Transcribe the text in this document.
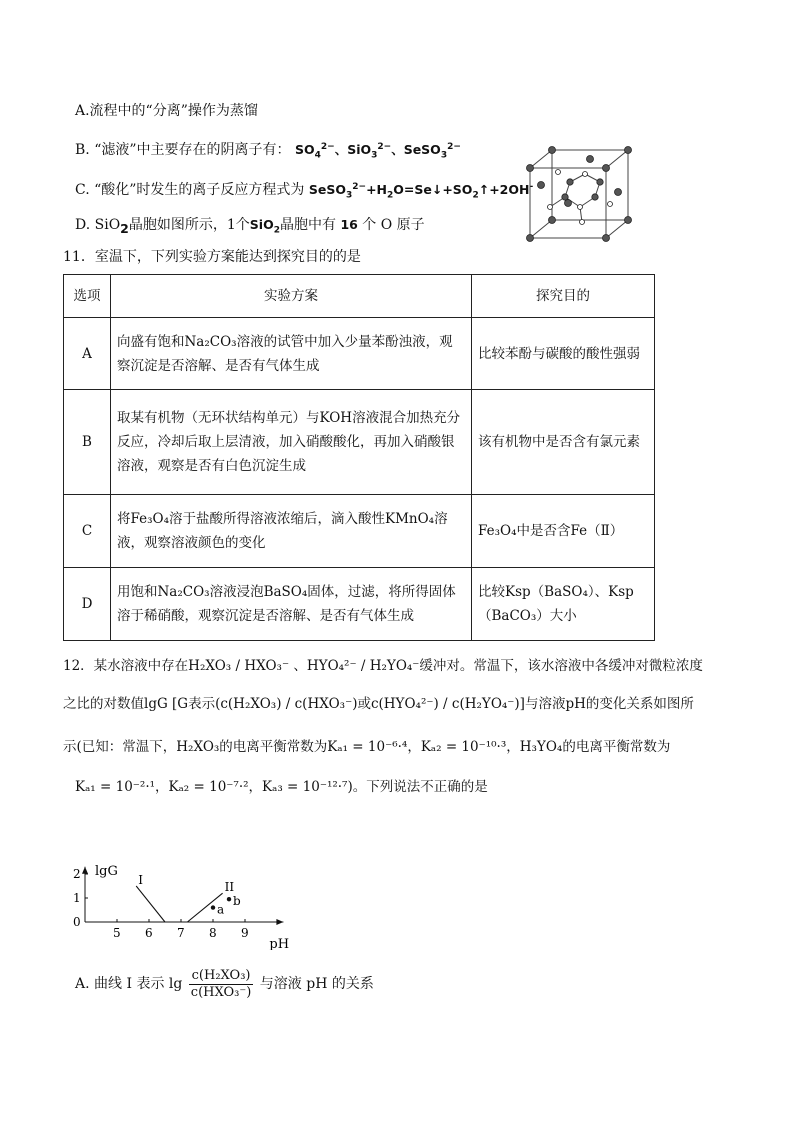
A.流程中的“分离”操作为蒸馏
B. “滤液”中主要存在的阴离子有： $SO_4^{2-}$、SiO$_3^{2-}$、SeSO$_3^{2-}$
C. “酸化”时发生的离子反应方程式为 $SeSO_3^{2-}+H_2O=Se↓+SO_2↑+2OH^-$
D. SiO$_2$晶胞如图所示，1个SiO$_2$晶胞中有 16 个 O 原子
11．室温下，下列实验方案能达到探究目的的是
选项	实验方案	探究目的
A	向盛有饱和Na₂CO₃溶液的试管中加入少量苯酚浊液，观察沉淀是否溶解、是否有气体生成	比较苯酚与碳酸的酸性强弱
B	取某有机物（无环状结构单元）与KOH溶液混合加热充分反应，冷却后取上层清液，加入硝酸酸化，再加入硝酸银溶液，观察是否有白色沉淀生成	该有机物中是否含有氯元素
C	将Fe₃O₄溶于盐酸所得溶液浓缩后，滴入酸性KMnO₄溶液，观察溶液颜色的变化	Fe₃O₄中是否含Fe（Ⅱ）
D	用饱和Na₂CO₃溶液浸泡BaSO₄固体，过滤，将所得固体溶于稀硝酸，观察沉淀是否溶解、是否有气体生成	比较Ksp（BaSO₄）、Ksp（BaCO₃）大小
12．某水溶液中存在H₂XO₃ / HXO₃⁻ 、HYO₄²⁻ / H₂YO₄⁻缓冲对。常温下，该水溶液中各缓冲对微粒浓度
之比的对数值lgG [G表示(c(H₂XO₃) / c(HXO₃⁻)或c(HYO₄²⁻) / c(H₂YO₄⁻)]与溶液pH的变化关系如图所
示(已知：常温下，H₂XO₃的电离平衡常数为Kₐ₁ = 10⁻⁶·⁴，Kₐ₂ = 10⁻¹⁰·³，H₃YO₄的电离平衡常数为
Kₐ₁ = 10⁻²·¹，Kₐ₂ = 10⁻⁷·²，Kₐ₃ = 10⁻¹²·⁷)。下列说法不正确的是
lgG
pH
5 6 7 8 9
0
1
2	I
II
a
b
A. 曲线 I 表示 $\lg \frac{\text{c(H₂XO₃)}}{\text{c(HXO₃⁻)}}$ 与溶液 pH 的关系
